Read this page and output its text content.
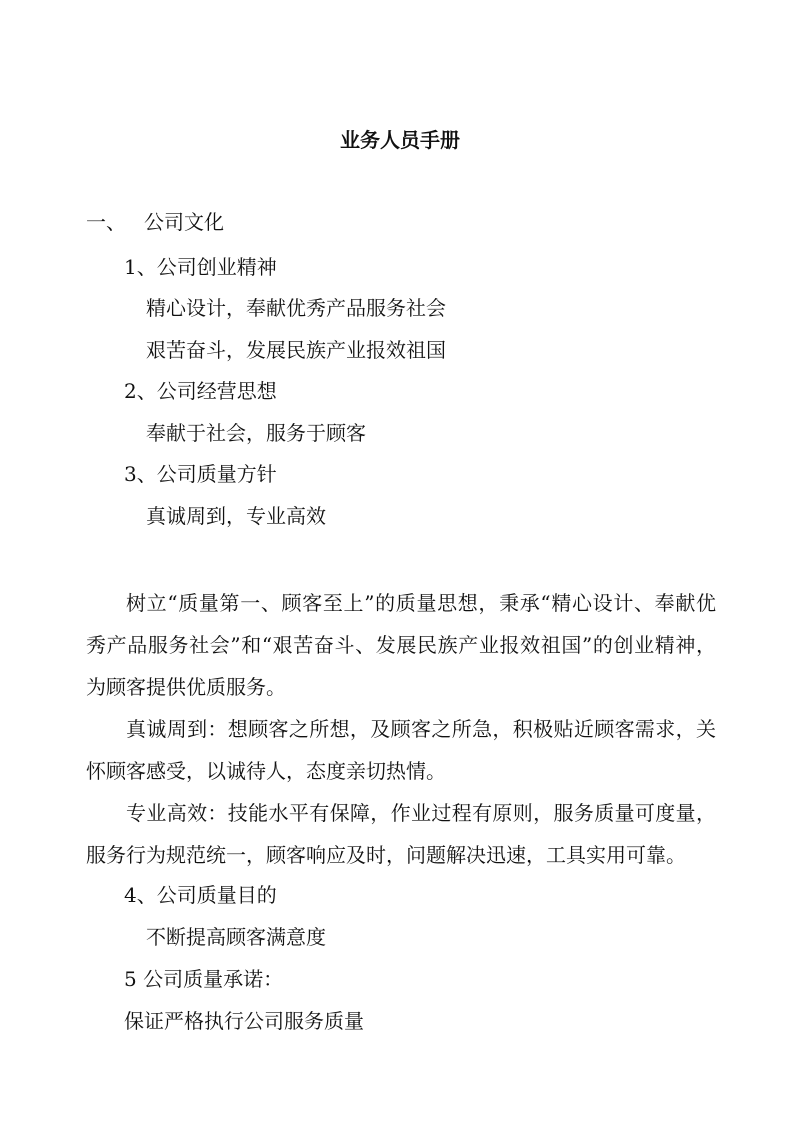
业务人员手册
一、 公司文化
1、公司创业精神
精心设计，奉献优秀产品服务社会
艰苦奋斗，发展民族产业报效祖国
2、公司经营思想
奉献于社会，服务于顾客
3、公司质量方针
真诚周到，专业高效

树立“质量第一、顾客至上”的质量思想，秉承“精心设计、奉献优秀产品服务社会”和“艰苦奋斗、发展民族产业报效祖国”的创业精神，为顾客提供优质服务。

真诚周到：想顾客之所想，及顾客之所急，积极贴近顾客需求，关怀顾客感受，以诚待人，态度亲切热情。

专业高效：技能水平有保障，作业过程有原则，服务质量可度量，服务行为规范统一，顾客响应及时，问题解决迅速，工具实用可靠。

4、公司质量目的
不断提高顾客满意度
5 公司质量承诺：
保证严格执行公司服务质量
